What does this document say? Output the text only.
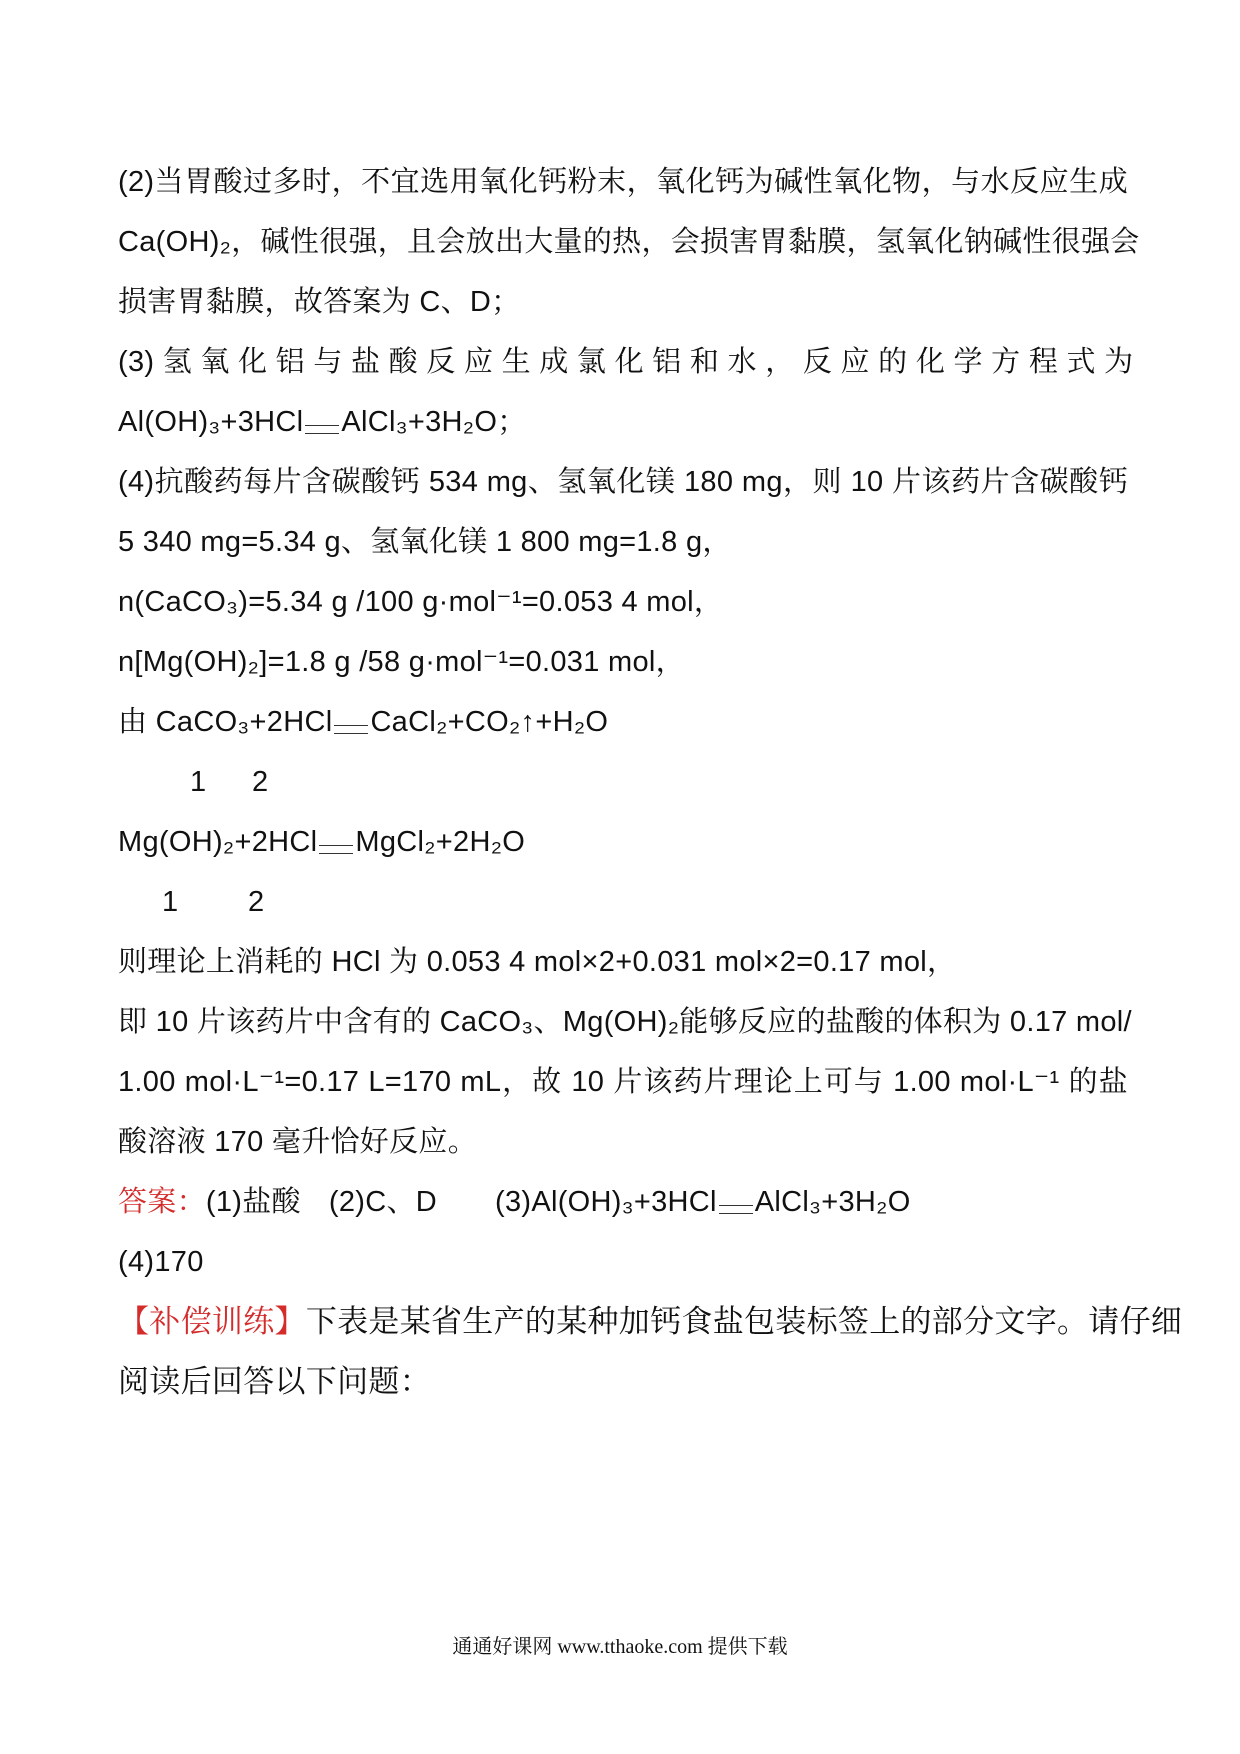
(2)当胃酸过多时，不宜选用氧化钙粉末，氧化钙为碱性氧化物，与水反应生成
Ca(OH)₂，碱性很强，且会放出大量的热，会损害胃黏膜，氢氧化钠碱性很强会
损害胃黏膜，故答案为 C、D；
(3) 氢 氧 化 铝 与 盐 酸 反 应 生 成 氯 化 铝 和 水 ， 反 应 的 化 学 方 程 式 为
Al(OH)₃+3HCl AlCl₃+3H₂O；
(4)抗酸药每片含碳酸钙 534 mg、氢氧化镁 180 mg，则 10 片该药片含碳酸钙
5 340 mg=5.34 g、氢氧化镁 1 800 mg=1.8 g，
n(CaCO₃)=5.34 g /100 g·mol⁻¹=0.053 4 mol，
n[Mg(OH)₂]=1.8 g /58 g·mol⁻¹=0.031 mol，
由 CaCO₃+2HCl CaCl₂+CO₂↑+H₂O
1 2
Mg(OH)₂+2HCl MgCl₂+2H₂O
1 2
则理论上消耗的 HCl 为 0.053 4 mol×2+0.031 mol×2=0.17 mol，
即 10 片该药片中含有的 CaCO₃、Mg(OH)₂能够反应的盐酸的体积为 0.17 mol/
1.00 mol·L⁻¹=0.17 L=170 mL，故 10 片该药片理论上可与 1.00 mol·L⁻¹ 的盐
酸溶液 170 毫升恰好反应。
答案：(1)盐酸 (2)C、D (3)Al(OH)₃+3HCl AlCl₃+3H₂O
(4)170
【补偿训练】下表是某省生产的某种加钙食盐包装标签上的部分文字。请仔细
阅读后回答以下问题：
通通好课网 www.tthaoke.com 提供下载
